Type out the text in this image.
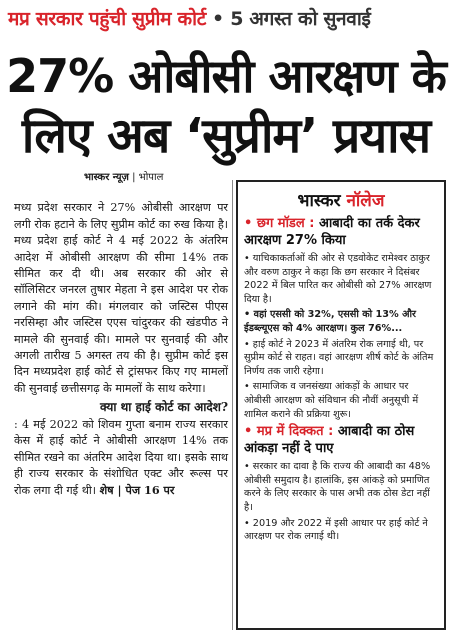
मप्र सरकार पहुंची सुप्रीम कोर्ट • 5 अगस्त को सुनवाई
27% ओबीसी आरक्षण के
लिए अब ‘सुप्रीम’ प्रयास
भास्कर न्यूज़ | भोपाल

मध्य प्रदेश सरकार ने 27% ओबीसी आरक्षण पर लगी रोक हटाने के लिए सुप्रीम कोर्ट का रुख किया है। मध्य प्रदेश हाई कोर्ट ने 4 मई 2022 के अंतरिम आदेश में ओबीसी आरक्षण की सीमा 14% तक सीमित कर दी थी। अब सरकार की ओर से सॉलिसिटर जनरल तुषार मेहता ने इस आदेश पर रोक लगाने की मांग की। मंगलवार को जस्टिस पीएस नरसिम्हा और जस्टिस एएस चांदुरकर की खंडपीठ ने मामले की सुनवाई की। मामले पर सुनवाई की और अगली तारीख 5 अगस्त तय की है। सुप्रीम कोर्ट इस दिन मध्यप्रदेश हाई कोर्ट से ट्रांसफर किए गए मामलों की सुनवाई छत्तीसगढ़ के मामलों के साथ करेगा।

क्या था हाई कोर्ट का आदेश?

: 4 मई 2022 को शिवम गुप्ता बनाम राज्य सरकार केस में हाई कोर्ट ने ओबीसी आरक्षण 14% तक सीमित रखने का अंतरिम आदेश दिया था। इसके साथ ही राज्य सरकार के संशोधित एक्ट और रूल्स पर रोक लगा दी गई थी। शेष | पेज 16 पर

भास्कर नॉलेज
• छग मॉडल : आबादी का तर्क देकर आरक्षण 27% किया

• याचिकाकर्ताओं की ओर से एडवोकेट रामेश्वर ठाकुर और वरुण ठाकुर ने कहा कि छग सरकार ने दिसंबर 2022 में बिल पारित कर ओबीसी को 27% आरक्षण दिया है।

• वहां एससी को 32%, एससी को 13% और ईडब्ल्यूएस को 4% आरक्षण। कुल 76%...

• हाई कोर्ट ने 2023 में अंतरिम रोक लगाई थी, पर सुप्रीम कोर्ट से राहत। वहां आरक्षण शीर्ष कोर्ट के अंतिम निर्णय तक जारी रहेगा।

• सामाजिक व जनसंख्या आंकड़ों के आधार पर ओबीसी आरक्षण को संविधान की नौवीं अनुसूची में शामिल कराने की प्रक्रिया शुरू।

• मप्र में दिक्कत : आबादी का ठोस आंकड़ा नहीं दे पाए

• सरकार का दावा है कि राज्य की आबादी का 48% ओबीसी समुदाय है। हालांकि, इस आंकड़े को प्रमाणित करने के लिए सरकार के पास अभी तक ठोस डेटा नहीं है।

• 2019 और 2022 में इसी आधार पर हाई कोर्ट ने आरक्षण पर रोक लगाई थी।
